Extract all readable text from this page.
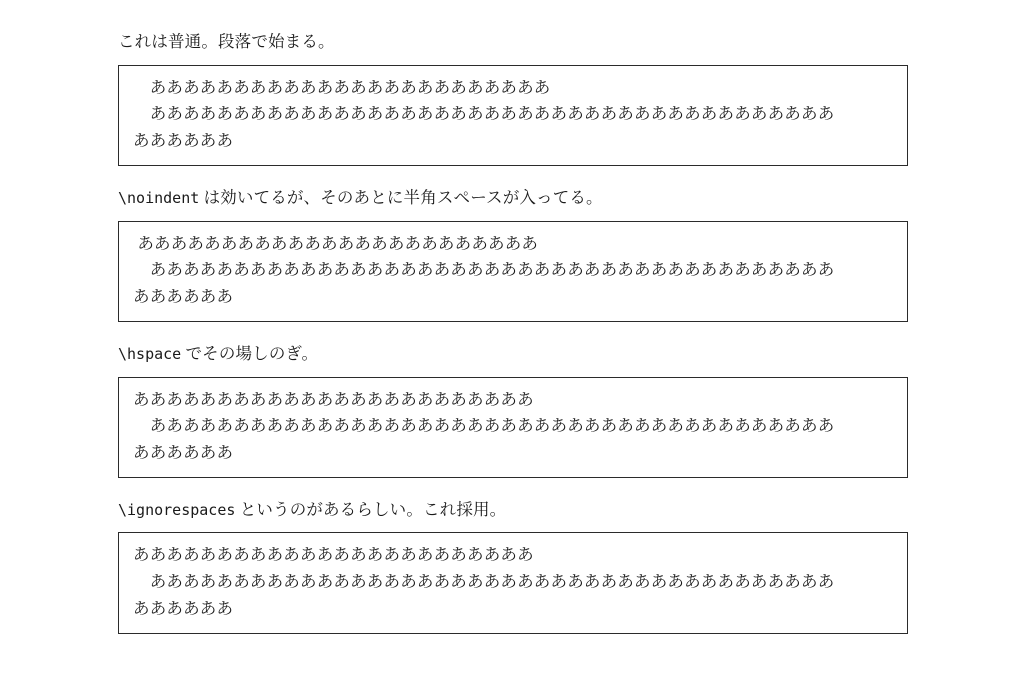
これは普通。段落で始まる。

　ああああああああああああああああああああああああ
　あああああああああああああああああああああああああああああああああああああああああ
ああああああ

\noindent は効いてるが、そのあとに半角スペースが入ってる。

ああああああああああああああああああああああああ
　あああああああああああああああああああああああああああああああああああああああああ
ああああああ

\hspace でその場しのぎ。

ああああああああああああああああああああああああ
　あああああああああああああああああああああああああああああああああああああああああ
ああああああ

\ignorespaces というのがあるらしい。これ採用。

ああああああああああああああああああああああああ
　あああああああああああああああああああああああああああああああああああああああああ
ああああああ
